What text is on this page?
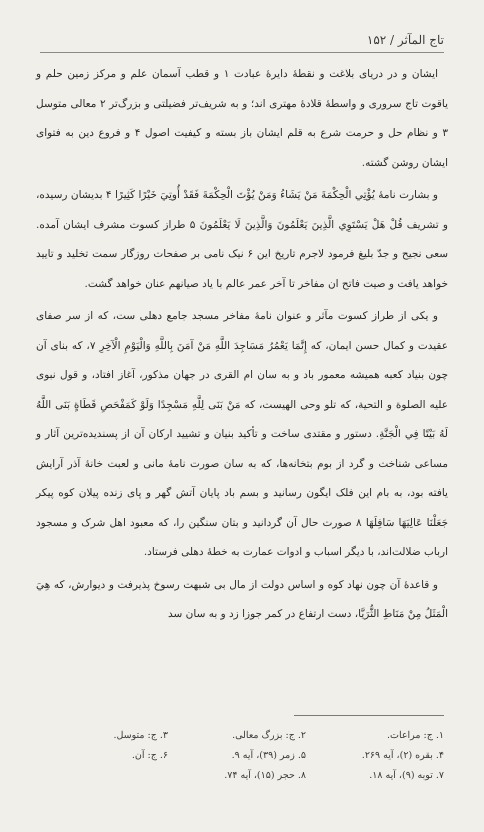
تاج المآثر / ۱۵۲

ایشان و در دریای بلاغت و نقطهٔ دایرهٔ عبادت ۱ و قطب آسمان علم و مرکز زمین حلم و یاقوت تاج سروری و واسطهٔ قلادهٔ مهتری اند؛ و به شریف‌تر فضیلتی و بزرگ‌تر ۲ معالی متوسل ۳ و نظام حل و حرمت شرع به قلم ایشان باز بسته و کیفیت اصول ۴ و فروع دین به فتوای ایشان روشن گشته.

و بشارت نامهٔ یُؤْتِي الْحِكْمَةَ مَنْ يَشَاءُ وَمَنْ يُؤْتَ الْحِكْمَةَ فَقَدْ أُوتِيَ خَيْرًا كَثِيرًا ۴ بدیشان رسیده، و تشریف قُلْ هَلْ يَسْتَوِي الَّذِينَ يَعْلَمُونَ وَالَّذِينَ لَا يَعْلَمُونَ ۵ طراز کسوت مشرف ایشان آمده. سعی نجیح و جدّ بلیغ فرمود لاجرم تاریخ این ۶ نیک نامی بر صفحات روزگار سمت تخلید و تایید خواهد یافت و صیت فاتح ان مفاخر تا آخر عمر عالم با یاد صیانهم عنان خواهد گشت.

و یکی از طراز کسوت مآثر و عنوان نامهٔ مفاخر مسجد جامع دهلی ست، که از سر صفای عقیدت و کمال حسن ایمان، که إِنَّمَا يَعْمُرُ مَسَاجِدَ اللَّهِ مَنْ آمَنَ بِاللَّهِ وَالْيَوْمِ الْآخِرِ ۷، که بنای آن چون بنیاد کعبه همیشه معمور باد و به سان ام القری در جهان مذکور، آغاز افتاد، و قول نبوی علیه الصلوة و التحیة، که تلو وحی الهیست، که مَنْ بَنَى لِلَّهِ مَسْجِدًا وَلَوْ كَمَفْحَصِ قَطَاةٍ بَنَى اللَّهُ لَهُ بَيْتًا فِي الْجَنَّةِ. دستور و مقتدی ساخت و تأکید بنیان و تشیید ارکان آن از پسندیده‌ترین آثار و مساعی شناخت و گرد از بوم بتخانه‌ها، که به سان صورت نامهٔ مانی و لعبت خانهٔ آذر آرایش یافته بود، به بام این فلک ایگون رسانید و بسم باد پایان آتش گهر و پای زنده پیلان کوه پیکر جَعَلْنَا عَالِيَهَا سَافِلَهَا ۸ صورت حال آن گردانید و بتان سنگین را، که معبود اهل شرک و مسجود ارباب ضلالت‌اند، با دیگر اسباب و ادوات عمارت به خطهٔ دهلی فرستاد.

و قاعدهٔ آن چون نهاد کوه و اساس دولت از مال بی شبهت رسوخ پذیرفت و دیوارش، که هِيَ الْمَثَلُ مِنْ مَنَاطِ الثُّرَيَّا، دست ارتفاع در کمر جوزا زد و به سان سد

۱. ج: مراعات.
۲. ج: بزرگ معالی.
۳. ج: متوسل.
۴. بقره (۲)، آیه ۲۶۹.
۵. زمر (۳۹)، آیه ۹.
۶. ج: آن.
۷. توبه (۹)، آیه ۱۸.
۸. حجر (۱۵)، آیه ۷۴.
